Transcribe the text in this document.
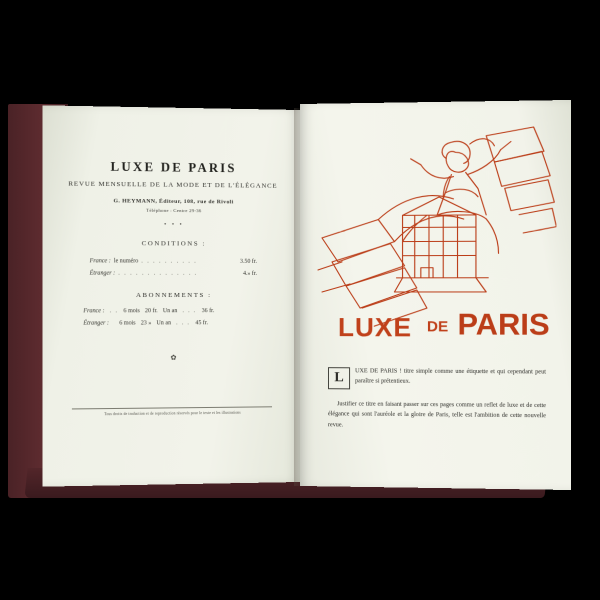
LUXE DE PARIS
REVUE MENSUELLE DE LA MODE ET DE L'ÉLÉGANCE
G. HEYMANN, Éditeur, 108, rue de Rivoli
Téléphone : Centre 29-36
• • •
CONDITIONS :
France : le numéro . . . . . . . . . .	3.50 fr.
Étranger : . . . . . . . . . . . . . .	4.» fr.
ABONNEMENTS :
France : . . 6 mois 20 fr. Un an . . . 36 fr.
Étranger : 6 mois 23 » Un an . . . 45 fr.
✿
Tous droits de traduction et de reproduction réservés pour le texte et les illustrations
LUXE DE PARIS
L	UXE DE PARIS ! titre simple comme une étiquette et qui cependant peut paraître si prétentieux.
Justifier ce titre en faisant passer sur ces pages comme un reflet de luxe et de cette élégance qui sont l'auréole et la gloire de Paris, telle est l'ambition de cette nouvelle revue.
